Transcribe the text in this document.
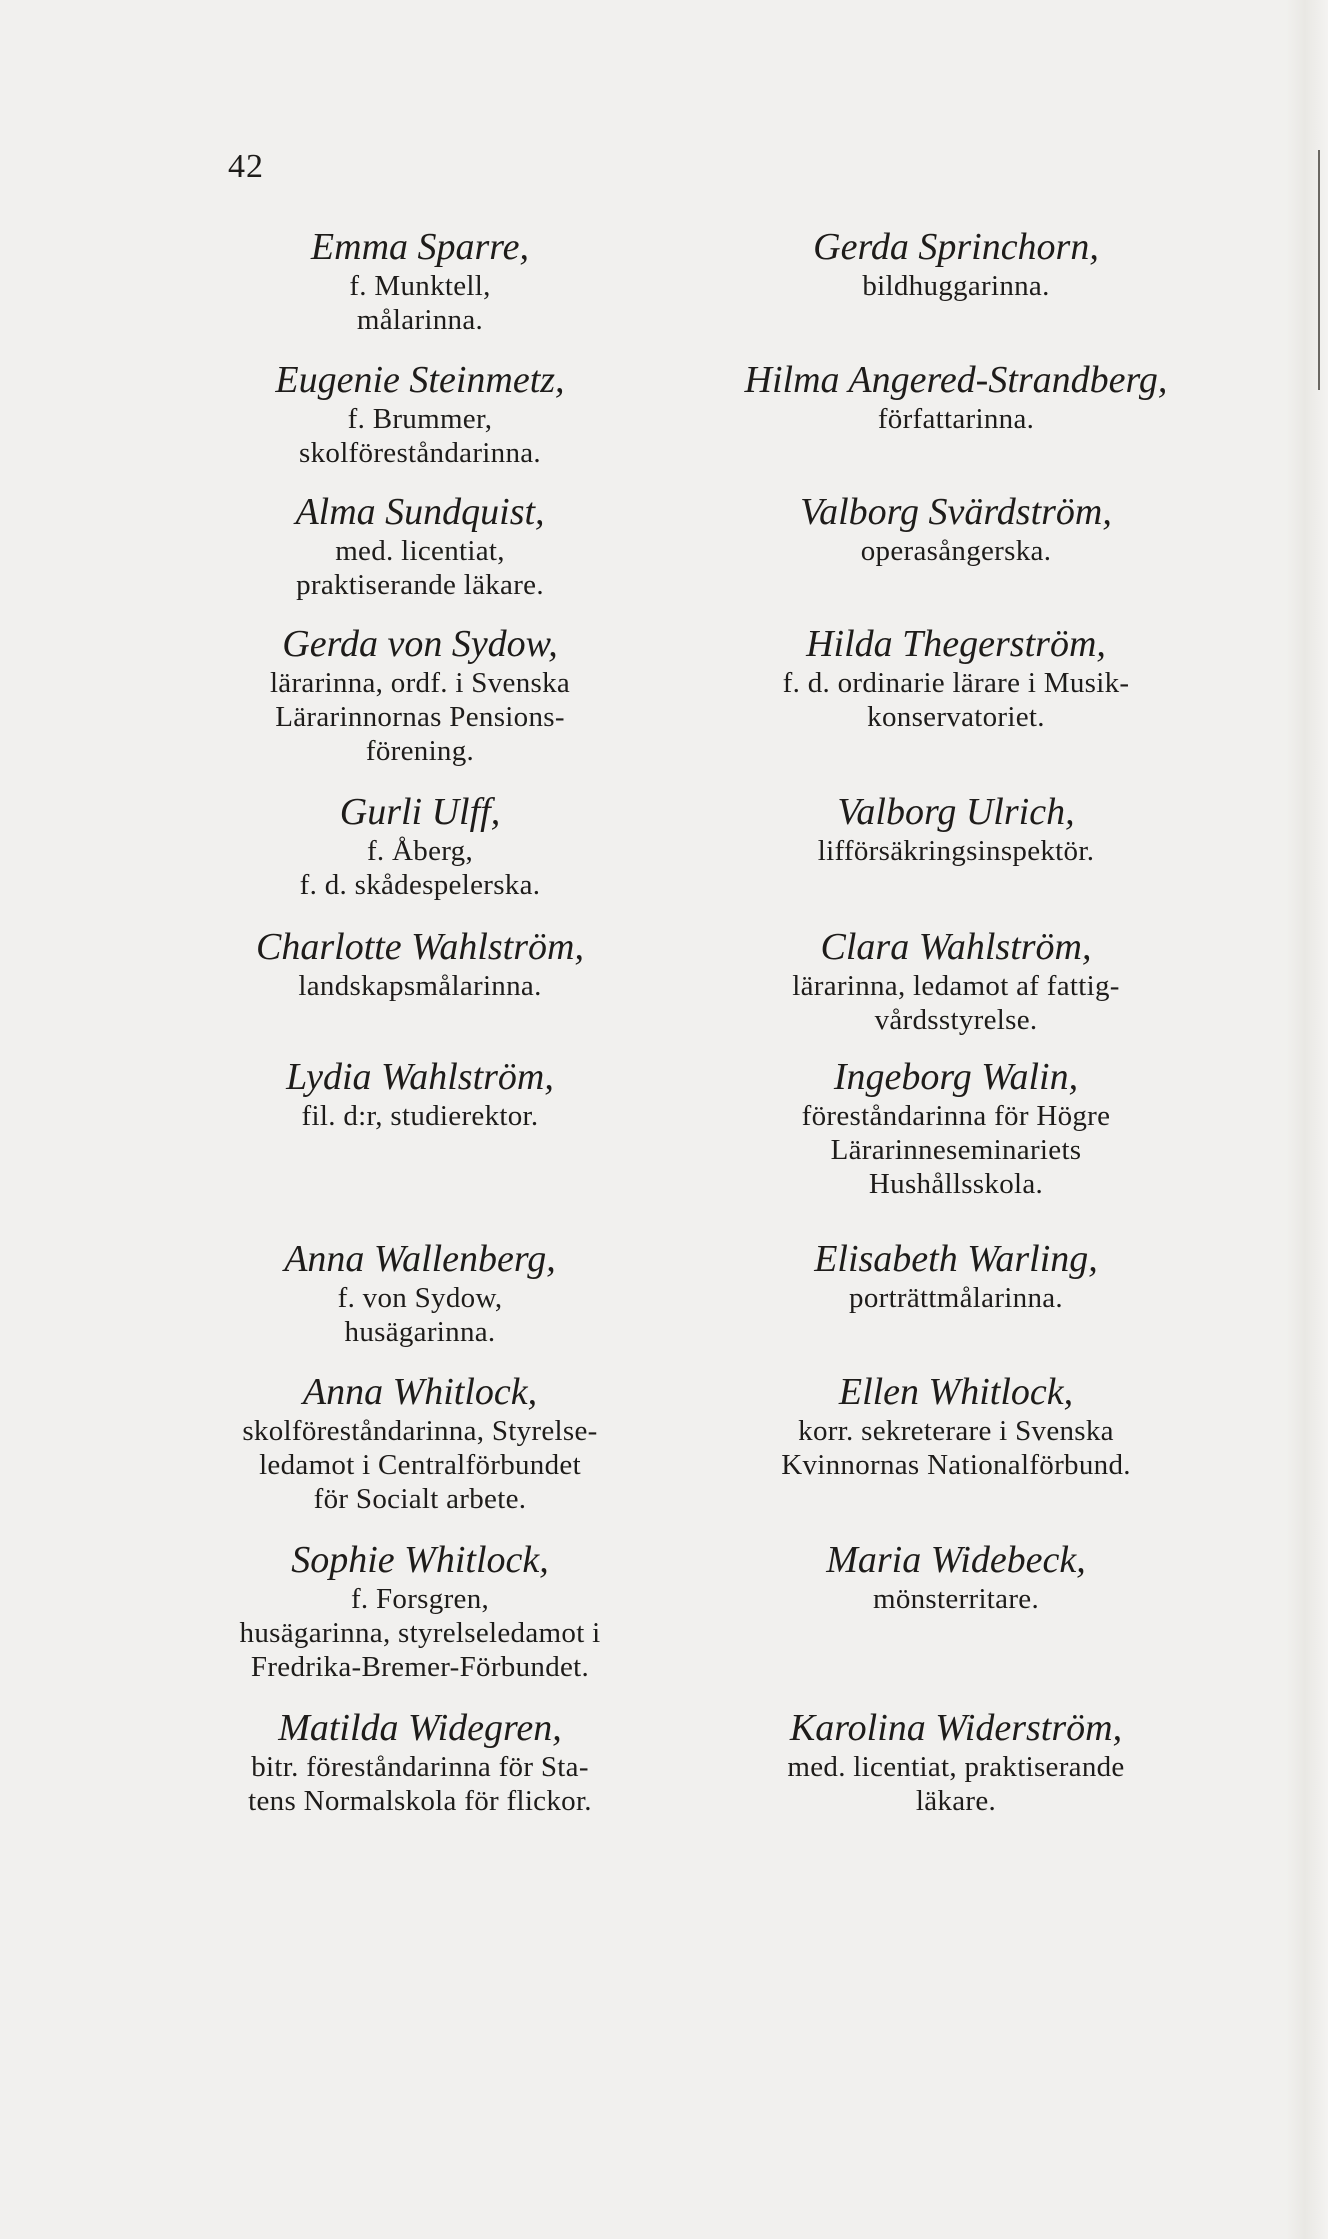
42
Emma Sparre,
f. Munktell,
målarinna.
Eugenie Steinmetz,
f. Brummer,
skolföreståndarinna.
Alma Sundquist,
med. licentiat,
praktiserande läkare.
Gerda von Sydow,
lärarinna, ordf. i Svenska
Lärarinnornas Pensions-
förening.
Gurli Ulff,
f. Åberg,
f. d. skådespelerska.
Charlotte Wahlström,
landskapsmålarinna.
Lydia Wahlström,
fil. d:r, studierektor.
Anna Wallenberg,
f. von Sydow,
husägarinna.
Anna Whitlock,
skolföreståndarinna, Styrelse-
ledamot i Centralförbundet
för Socialt arbete.
Sophie Whitlock,
f. Forsgren,
husägarinna, styrelseledamot i
Fredrika-Bremer-Förbundet.
Matilda Widegren,
bitr. föreståndarinna för Sta-
tens Normalskola för flickor.
Gerda Sprinchorn,
bildhuggarinna.
Hilma Angered-Strandberg,
författarinna.
Valborg Svärdström,
operasångerska.
Hilda Thegerström,
f. d. ordinarie lärare i Musik-
konservatoriet.
Valborg Ulrich,
lifförsäkringsinspektör.
Clara Wahlström,
lärarinna, ledamot af fattig-
vårdsstyrelse.
Ingeborg Walin,
föreståndarinna för Högre
Lärarinneseminariets
Hushållsskola.
Elisabeth Warling,
porträttmålarinna.
Ellen Whitlock,
korr. sekreterare i Svenska
Kvinnornas Nationalförbund.
Maria Widebeck,
mönsterritare.
Karolina Widerström,
med. licentiat, praktiserande
läkare.
